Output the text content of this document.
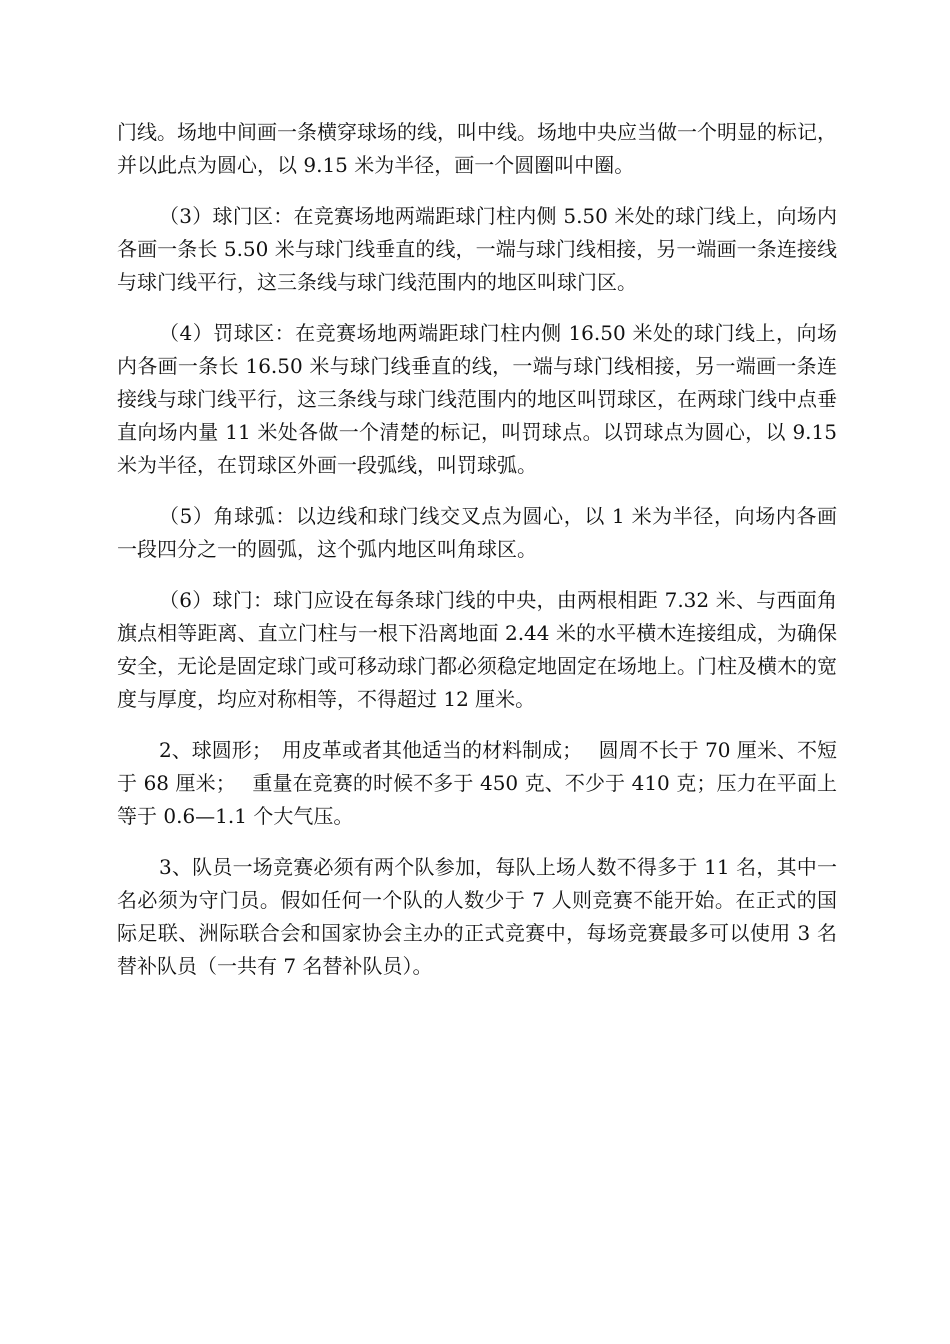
门线。场地中间画一条横穿球场的线，叫中线。场地中央应当做一个明显的标记，并以此点为圆心，以 9.15 米为半径，画一个圆圈叫中圈。

（3）球门区：在竞赛场地两端距球门柱内侧 5.50 米处的球门线上，向场内各画一条长 5.50 米与球门线垂直的线，一端与球门线相接，另一端画一条连接线与球门线平行，这三条线与球门线范围内的地区叫球门区。

（4）罚球区：在竞赛场地两端距球门柱内侧 16.50 米处的球门线上，向场内各画一条长 16.50 米与球门线垂直的线，一端与球门线相接，另一端画一条连接线与球门线平行，这三条线与球门线范围内的地区叫罚球区，在两球门线中点垂直向场内量 11 米处各做一个清楚的标记，叫罚球点。以罚球点为圆心，以 9.15 米为半径，在罚球区外画一段弧线，叫罚球弧。

（5）角球弧：以边线和球门线交叉点为圆心，以 1 米为半径，向场内各画一段四分之一的圆弧，这个弧内地区叫角球区。

（6）球门：球门应设在每条球门线的中央，由两根相距 7.32 米、与西面角旗点相等距离、直立门柱与一根下沿离地面 2.44 米的水平横木连接组成，为确保安全，无论是固定球门或可移动球门都必须稳定地固定在场地上。门柱及横木的宽度与厚度，均应对称相等，不得超过 12 厘米。

2、球圆形；　用皮革或者其他适当的材料制成；　 圆周不长于 70 厘米、不短于 68 厘米；　 重量在竞赛的时候不多于 450 克、不少于 410 克；压力在平面上等于 0.6—1.1 个大气压。

3、队员一场竞赛必须有两个队参加，每队上场人数不得多于 11 名，其中一名必须为守门员。假如任何一个队的人数少于 7 人则竞赛不能开始。在正式的国际足联、洲际联合会和国家协会主办的正式竞赛中，每场竞赛最多可以使用 3 名替补队员（一共有 7 名替补队员）。
